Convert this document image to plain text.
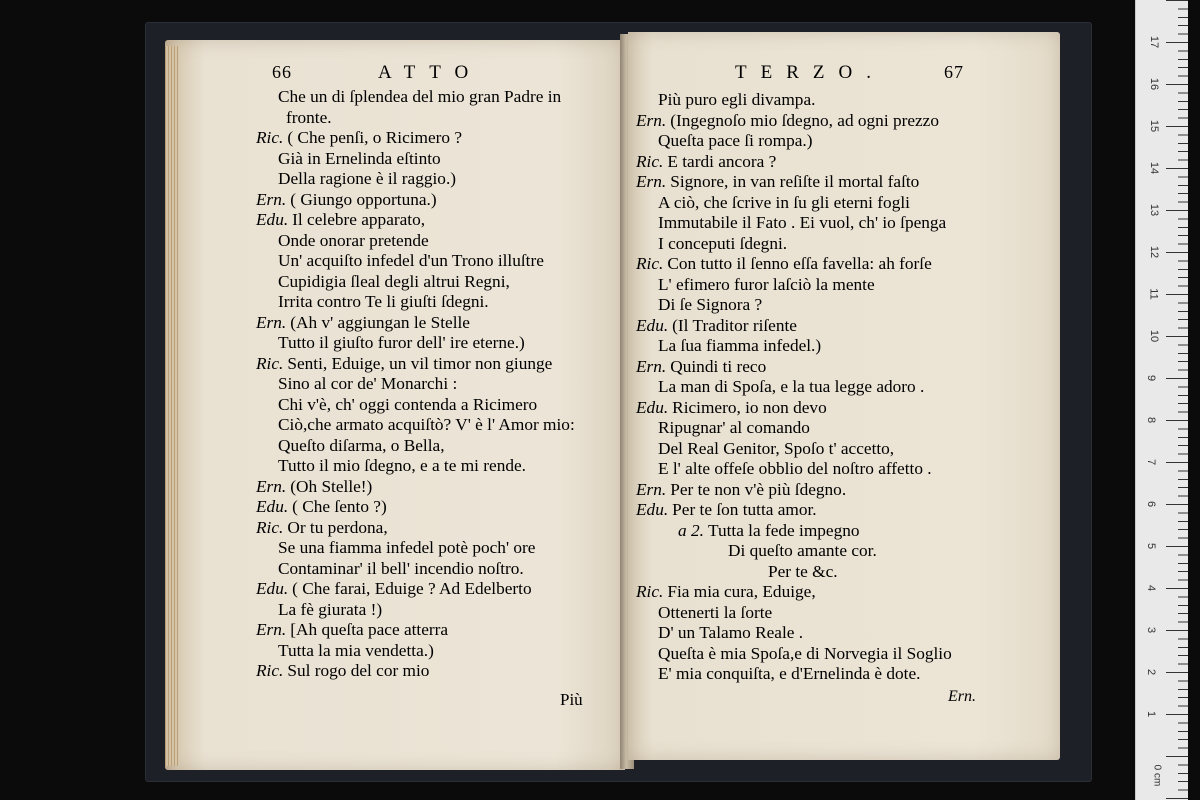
66	ATTO	TERZO.	67
Che un di ſplendea del mio gran Padre in
fronte.
Ric. ( Che penſi, o Ricimero ?
Già in Ernelinda eſtinto
Della ragione è il raggio.)
Ern. ( Giungo opportuna.)
Edu. Il celebre apparato,
Onde onorar pretende
Un' acquiſto infedel d'un Trono illuſtre
Cupidigia ſleal degli altrui Regni,
Irrita contro Te li giuſti ſdegni.
Ern. (Ah v' aggiungan le Stelle
Tutto il giuſto furor dell' ire eterne.)
Ric. Senti, Eduige, un vil timor non giunge
Sino al cor de' Monarchi :
Chi v'è, ch' oggi contenda a Ricimero
Ciò,che armato acquiſtò? V' è l' Amor mio:
Queſto diſarma, o Bella,
Tutto il mio ſdegno, e a te mi rende.
Ern. (Oh Stelle!)
Edu. ( Che ſento ?)
Ric. Or tu perdona,
Se una fiamma infedel potè poch' ore
Contaminar' il bell' incendio noſtro.
Edu. ( Che farai, Eduige ? Ad Edelberto
La fè giurata !)
Ern. [Ah queſta pace atterra
Tutta la mia vendetta.)
Ric. Sul rogo del cor mio
Più puro egli divampa.
Ern. (Ingegnoſo mio ſdegno, ad ogni prezzo
Queſta pace ſi rompa.)
Ric. E tardi ancora ?
Ern. Signore, in van reſiſte il mortal faſto
A ciò, che ſcrive in ſu gli eterni fogli
Immutabile il Fato . Ei vuol, ch' io ſpenga
I conceputi ſdegni.
Ric. Con tutto il ſenno eſſa favella: ah forſe
L' efimero furor laſciò la mente
Di ſe Signora ?
Edu. (Il Traditor riſente
La ſua fiamma infedel.)
Ern. Quindi ti reco
La man di Spoſa, e la tua legge adoro .
Edu. Ricimero, io non devo
Ripugnar' al comando
Del Real Genitor, Spoſo t' accetto,
E l' alte offeſe obblio del noſtro affetto .
Ern. Per te non v'è più ſdegno.
Edu. Per te ſon tutta amor.
a 2. Tutta la fede impegno
Di queſto amante cor.
Per te &c.
Ric. Fia mia cura, Eduige,
Ottenerti la ſorte
D' un Talamo Reale .
Queſta è mia Spoſa,e di Norvegia il Soglio
E' mia conquiſta, e d'Ernelinda è dote.
Più	Ern.
0 cm
17
16
15
14
13
12
11
10
9
8
7
6
5
4
3
2
1
